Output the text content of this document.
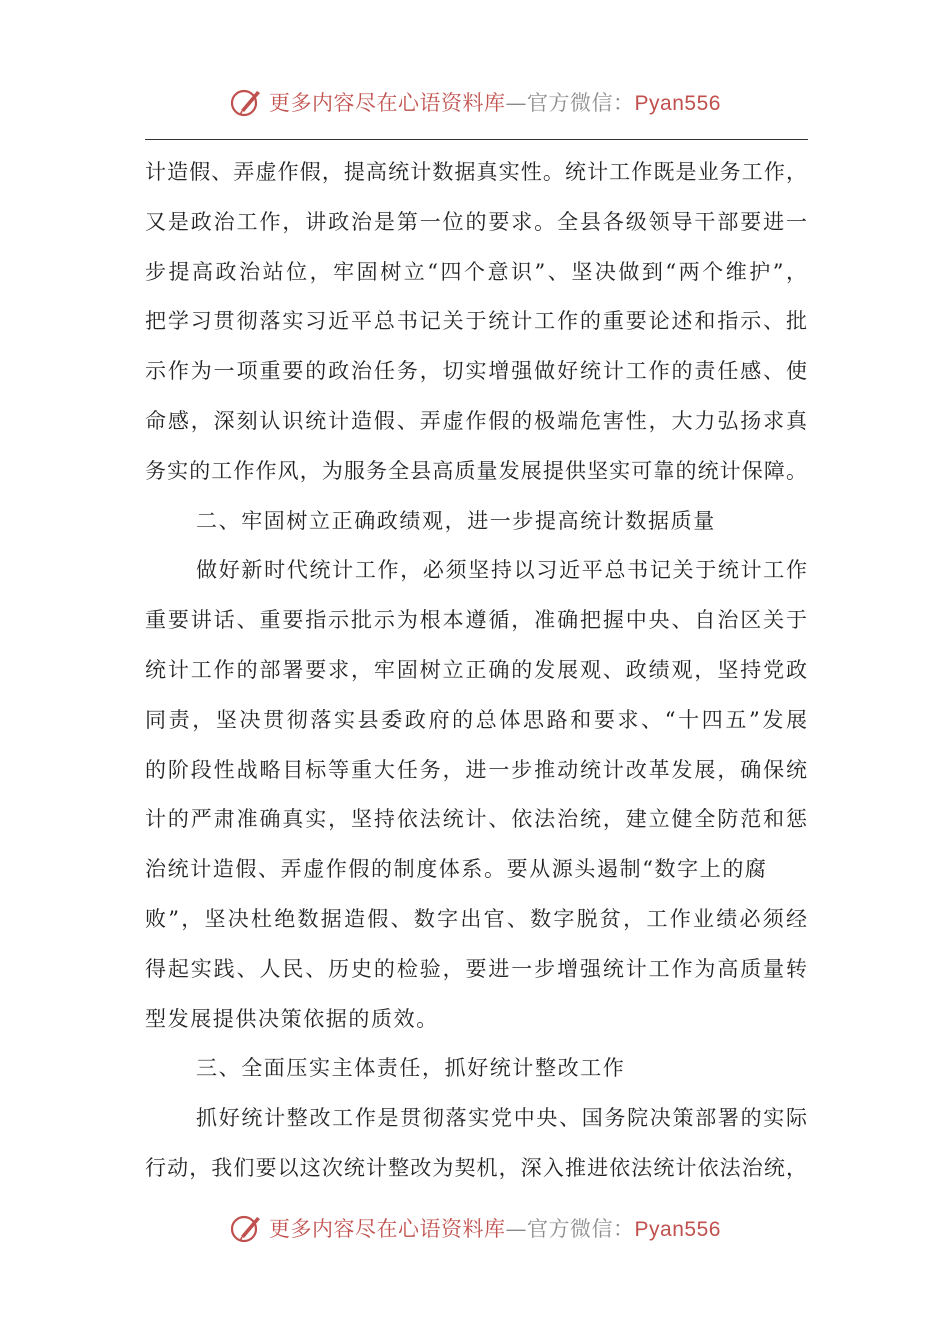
更多内容尽在心语资料库—官方微信：Pyan556
计造假、弄虚作假，提高统计数据真实性。统计工作既是业务工作，
又是政治工作，讲政治是第一位的要求。全县各级领导干部要进一
步提高政治站位，牢固树立“四个意识”、坚决做到“两个维护”，
把学习贯彻落实习近平总书记关于统计工作的重要论述和指示、批
示作为一项重要的政治任务，切实增强做好统计工作的责任感、使
命感，深刻认识统计造假、弄虚作假的极端危害性，大力弘扬求真
务实的工作作风，为服务全县高质量发展提供坚实可靠的统计保障。
二、牢固树立正确政绩观，进一步提高统计数据质量
做好新时代统计工作，必须坚持以习近平总书记关于统计工作
重要讲话、重要指示批示为根本遵循，准确把握中央、自治区关于
统计工作的部署要求，牢固树立正确的发展观、政绩观，坚持党政
同责，坚决贯彻落实县委政府的总体思路和要求、“十四五”发展
的阶段性战略目标等重大任务，进一步推动统计改革发展，确保统
计的严肃准确真实，坚持依法统计、依法治统，建立健全防范和惩
治统计造假、弄虚作假的制度体系。要从源头遏制“数字上的腐
败”，坚决杜绝数据造假、数字出官、数字脱贫，工作业绩必须经
得起实践、人民、历史的检验，要进一步增强统计工作为高质量转
型发展提供决策依据的质效。
三、全面压实主体责任，抓好统计整改工作
抓好统计整改工作是贯彻落实党中央、国务院决策部署的实际
行动，我们要以这次统计整改为契机，深入推进依法统计依法治统，
更多内容尽在心语资料库—官方微信：Pyan556
